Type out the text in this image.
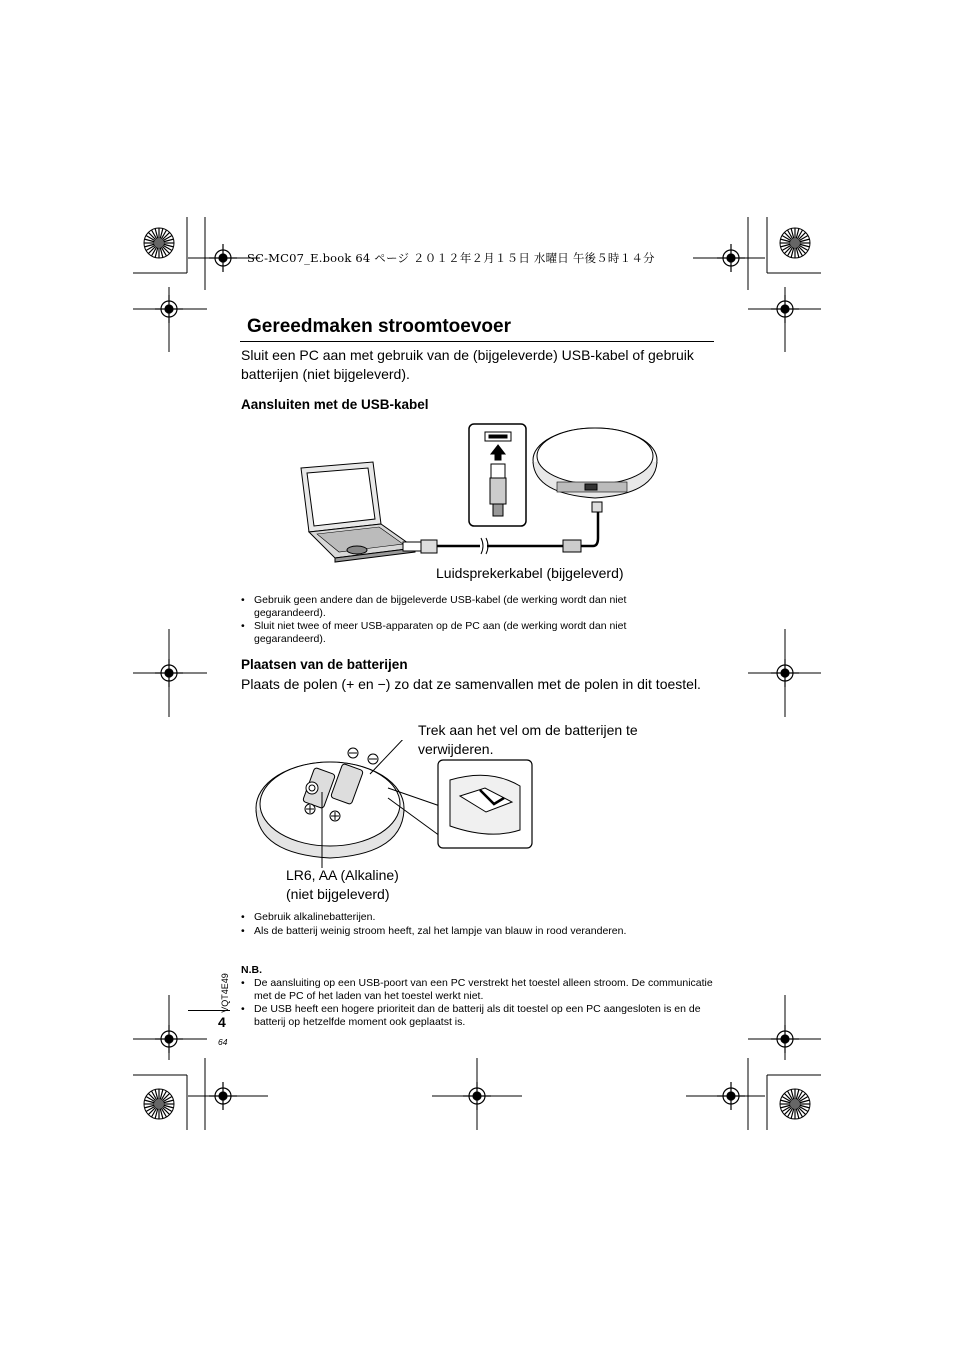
SC-MC07_E.book 64 ページ ２０１２年２月１５日 水曜日 午後５時１４分
Gereedmaken stroomtoevoer
Sluit een PC aan met gebruik van de (bijgeleverde) USB-kabel of gebruik batterijen (niet bijgeleverd).
Aansluiten met de USB-kabel
Luidsprekerkabel (bijgeleverd)
• Gebruik geen andere dan de bijgeleverde USB-kabel (de werking wordt dan niet gegarandeerd).
• Sluit niet twee of meer USB-apparaten op de PC aan (de werking wordt dan niet gegarandeerd).
Plaatsen van de batterijen
Plaats de polen (+ en −) zo dat ze samenvallen met de polen in dit toestel.
Trek aan het vel om de batterijen te verwijderen.
LR6, AA (Alkaline)
(niet bijgeleverd)
• Gebruik alkalinebatterijen.
• Als de batterij weinig stroom heeft, zal het lampje van blauw in rood veranderen.
N.B.
• De aansluiting op een USB-poort van een PC verstrekt het toestel alleen stroom. De communicatie met de PC of het laden van het toestel werkt niet.
• De USB heeft een hogere prioriteit dan de batterij als dit toestel op een PC aangesloten is en de batterij op hetzelfde moment ook geplaatst is.
VQT4E49
4
64
